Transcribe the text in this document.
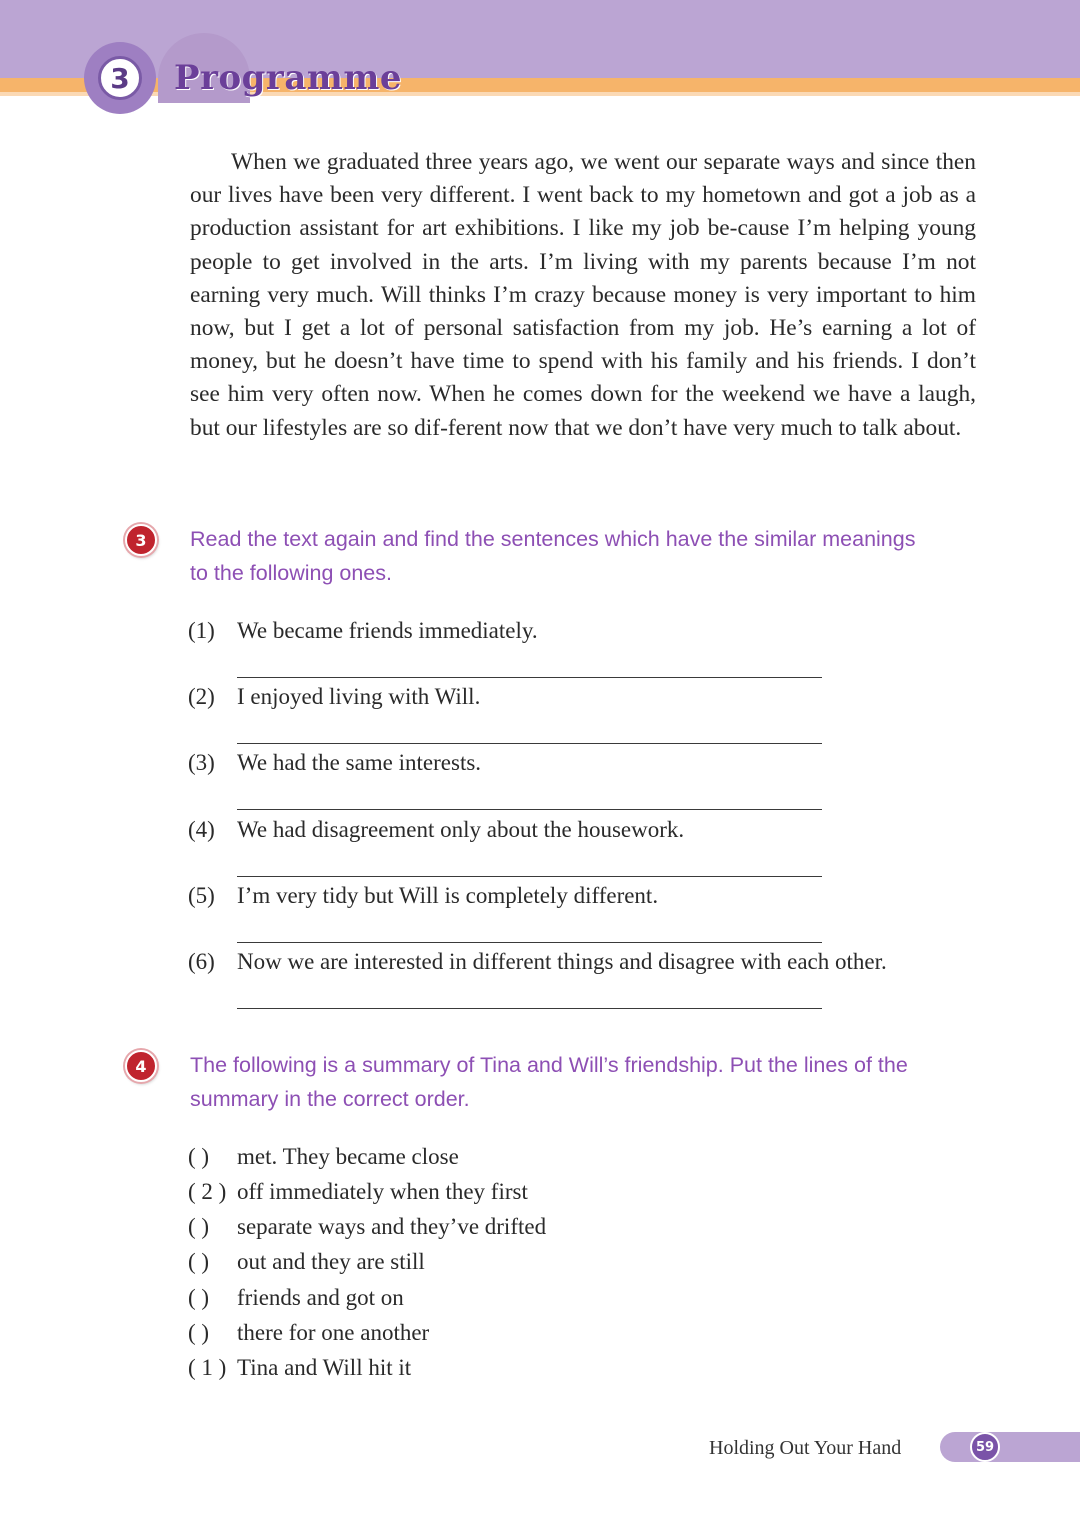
3	Programme

When we graduated three years ago, we went our separate ways and since then our lives have been very different. I went back to my hometown and got a job as a production assistant for art exhibitions. I like my job be-cause I’m helping young people to get involved in the arts. I’m living with my parents because I’m not earning very much. Will thinks I’m crazy because money is very important to him now, but I get a lot of personal satisfaction from my job. He’s earning a lot of money, but he doesn’t have time to spend with his family and his friends. I don’t see him very often now. When he comes down for the weekend we have a laugh, but our lifestyles are so dif-ferent now that we don’t have very much to talk about.

3	Read the text again and find the sentences which have the similar meanings
to the following ones.
(1) We became friends immediately.
(2) I enjoyed living with Will.
(3) We had the same interests.
(4) We had disagreement only about the housework.
(5) I’m very tidy but Will is completely different.
(6) Now we are interested in different things and disagree with each other.
4	The following is a summary of Tina and Will’s friendship. Put the lines of the
summary in the correct order.
( )	met. They became close
( 2 ) off immediately when they first
( )	separate ways and they’ve drifted
( )	out and they are still
( )	friends and got on
( )	there for one another
( 1 ) Tina and Will hit it
Holding Out Your Hand	59
